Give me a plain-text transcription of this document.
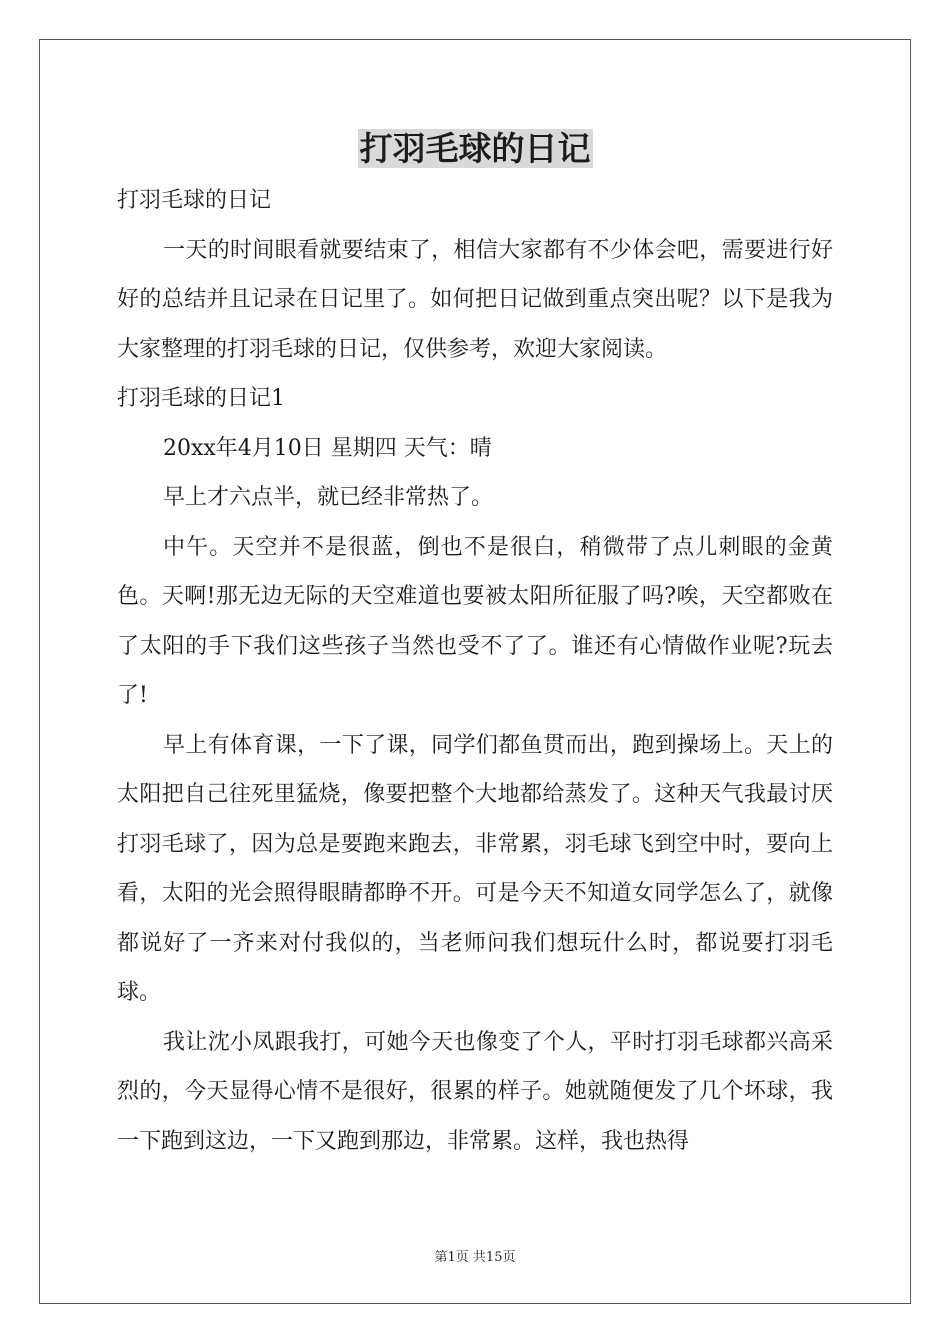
打羽毛球的日记

打羽毛球的日记

一天的时间眼看就要结束了，相信大家都有不少体会吧，需要进行好好的总结并且记录在日记里了。如何把日记做到重点突出呢？以下是我为大家整理的打羽毛球的日记，仅供参考，欢迎大家阅读。

打羽毛球的日记1

20xx年4月10日 星期四 天气：晴

早上才六点半，就已经非常热了。

中午。天空并不是很蓝，倒也不是很白，稍微带了点儿刺眼的金黄色。天啊!那无边无际的天空难道也要被太阳所征服了吗?唉，天空都败在了太阳的手下我们这些孩子当然也受不了了。谁还有心情做作业呢?玩去了!

早上有体育课，一下了课，同学们都鱼贯而出，跑到操场上。天上的太阳把自己往死里猛烧，像要把整个大地都给蒸发了。这种天气我最讨厌打羽毛球了，因为总是要跑来跑去，非常累，羽毛球飞到空中时，要向上看，太阳的光会照得眼睛都睁不开。可是今天不知道女同学怎么了，就像都说好了一齐来对付我似的，当老师问我们想玩什么时，都说要打羽毛球。

我让沈小凤跟我打，可她今天也像变了个人，平时打羽毛球都兴高采烈的，今天显得心情不是很好，很累的样子。她就随便发了几个坏球，我一下跑到这边，一下又跑到那边，非常累。这样，我也热得

第1页 共15页
